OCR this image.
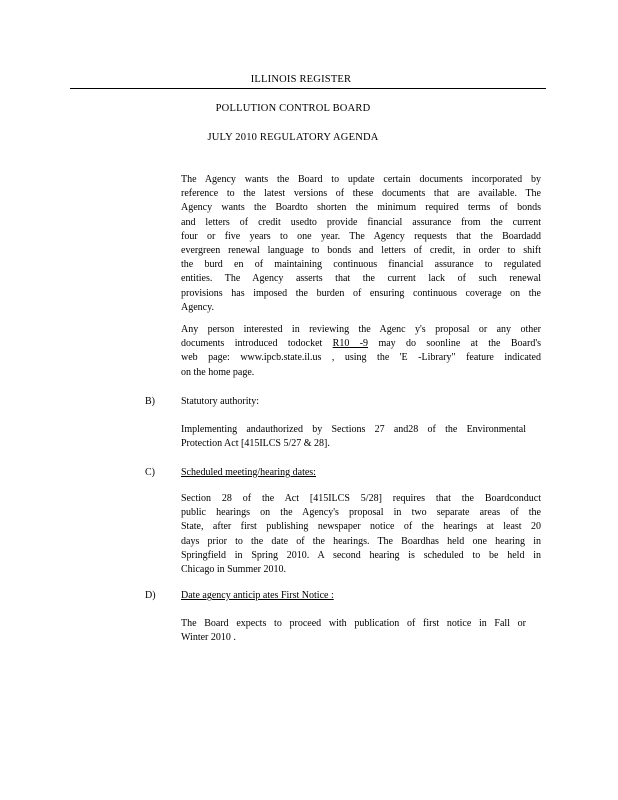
ILLINOIS REGISTER
POLLUTION CONTROL BOARD
JULY 2010 REGULATORY AGENDA
The Agency wants the Board to update certain documents incorporated by
reference to the latest versions of these documents that are available. The
Agency wants the Boardto shorten the minimum required terms of bonds
and letters of credit usedto provide financial assurance from the current
four or five years to one year. The Agency requests that the Boardadd
evergreen renewal language to bonds and letters of credit, in order to shift
the burd en of maintaining continuous financial assurance to regulated
entities. The Agency asserts that the current lack of such renewal
provisions has imposed the burden of ensuring continuous coverage on the
Agency.
Any person interested in reviewing the Agenc y's proposal or any other
documents introduced todocket R10 -9 may do soonline at the Board's
web page: www.ipcb.state.il.us , using the 'E -Library" feature indicated
on the home page.
B)	Statutory authority:
Implementing andauthorized by Sections 27 and28 of the Environmental
Protection Act [415ILCS 5/27 & 28].
C)	Scheduled meeting/hearing dates:
Section 28 of the Act [415ILCS 5/28] requires that the Boardconduct
public hearings on the Agency's proposal in two separate areas of the
State, after first publishing newspaper notice of the hearings at least 20
days prior to the date of the hearings. The Boardhas held one hearing in
Springfield in Spring 2010. A second hearing is scheduled to be held in
Chicago in Summer 2010.
D)	Date agency anticip ates First Notice :
The Board expects to proceed with publication of first notice in Fall or
Winter 2010 .
